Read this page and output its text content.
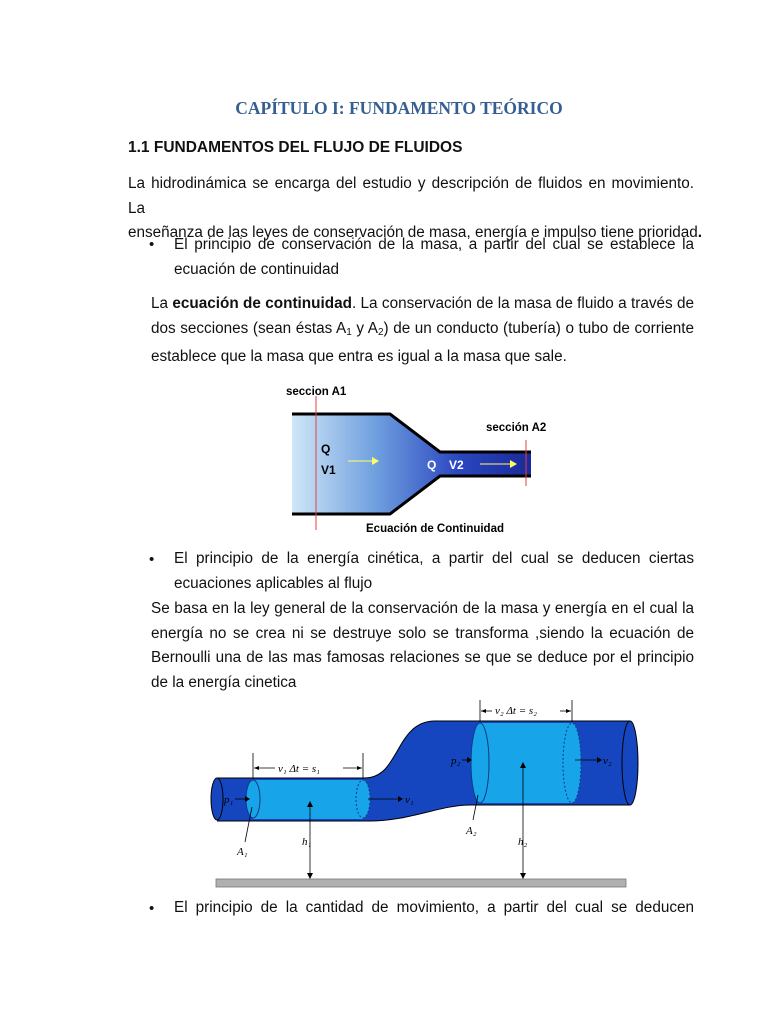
CAPÍTULO I: FUNDAMENTO TEÓRICO
1.1 FUNDAMENTOS DEL FLUJO DE FLUIDOS
La hidrodinámica se encarga del estudio y descripción de fluidos en movimiento. La
enseñanza de las leyes de conservación de masa, energía e impulso tiene prioridad.
• El principio de conservación de la masa, a partir del cual se establece la
ecuación de continuidad
La ecuación de continuidad. La conservación de la masa de fluido a través de
dos secciones (sean éstas $A_1$ y $A_2$) de un conducto (tubería) o tubo de corriente
establece que la masa que entra es igual a la masa que sale.
seccion A1
sección A2
Q
V1	Q V2
Ecuación de Continuidad
• El principio de la energía cinética, a partir del cual se deducen ciertas
ecuaciones aplicables al flujo
Se basa en la ley general de la conservación de la masa y energía en el cual la
energía no se crea ni se destruye solo se transforma ,siendo la ecuación de
Bernoulli una de las mas famosas relaciones se que se deduce por el principio
de la energía cinetica
v₁ Δt = s₁
v₂ Δt = s₂
p₁	v₁
p₂	v₂
A₁
A₂
h₁	h₂
• El principio de la cantidad de movimiento, a partir del cual se deducen
